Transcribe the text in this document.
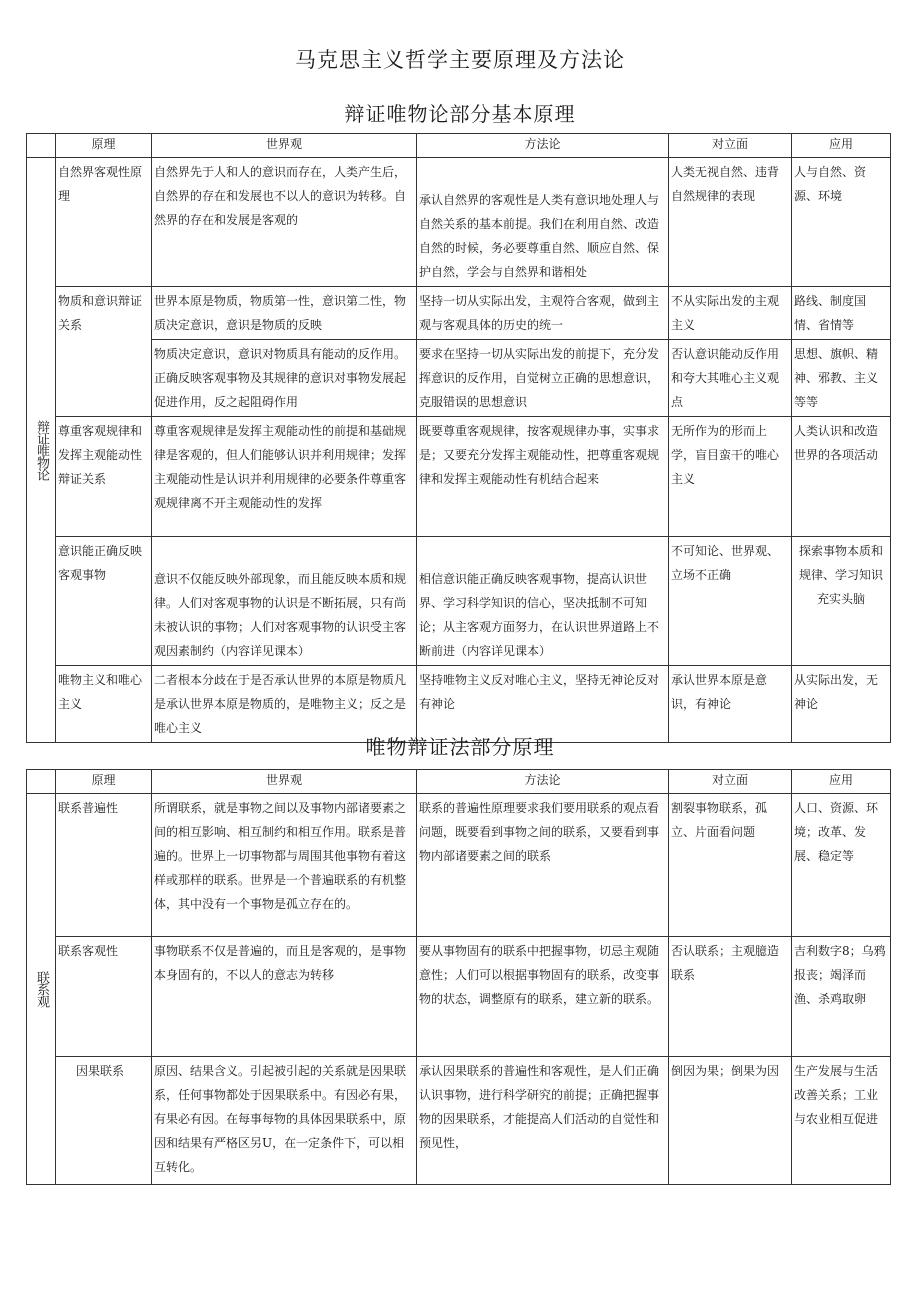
马克思主义哲学主要原理及方法论
辩证唯物论部分基本原理
	原理	世界观	方法论	对立面	应用

辩证唯物论	自然界客观性原理	自然界先于人和人的意识而存在，人类产生后，自然界的存在和发展也不以人的意识为转移。自然界的存在和发展是客观的	承认自然界的客观性是人类有意识地处理人与自然关系的基本前提。我们在利用自然、改造自然的时候，务必要尊重自然、顺应自然、保护自然，学会与自然界和谐相处	人类无视自然、违背自然规律的表现	人与自然、资源、环境
	物质和意识辩证关系	世界本原是物质，物质第一性，意识第二性，物质决定意识，意识是物质的反映	坚持一切从实际出发，主观符合客观，做到主观与客观具体的历史的统一	不从实际出发的主观主义	路线、制度国情、省情等
		物质决定意识，意识对物质具有能动的反作用。正确反映客观事物及其规律的意识对事物发展起促进作用，反之起阻碍作用	要求在坚持一切从实际出发的前提下，充分发挥意识的反作用，自觉树立正确的思想意识，克服错误的思想意识	否认意识能动反作用和夸大其唯心主义观点	思想、旗帜、精神、邪教、主义等等
	尊重客观规律和发挥主观能动性辩证关系	尊重客观规律是发挥主观能动性的前提和基础规律是客观的，但人们能够认识并利用规律；发挥主观能动性是认识并利用规律的必要条件尊重客观规律离不开主观能动性的发挥	既要尊重客观规律，按客观规律办事，实事求是；又要充分发挥主观能动性，把尊重客观规律和发挥主观能动性有机结合起来	无所作为的形而上学，盲目蛮干的唯心主义	人类认识和改造世界的各项活动
	意识能正确反映客观事物	意识不仅能反映外部现象，而且能反映本质和规律。人们对客观事物的认识是不断拓展，只有尚未被认识的事物；人们对客观事物的认识受主客观因素制约（内容详见课本）	相信意识能正确反映客观事物，提高认识世界、学习科学知识的信心，坚决抵制不可知论；从主客观方面努力，在认识世界道路上不断前进（内容详见课本）	不可知论、世界观、立场不正确	探索事物本质和规律、学习知识充实头脑
	唯物主义和唯心主义	二者根本分歧在于是否承认世界的本原是物质凡是承认世界本原是物质的，是唯物主义；反之是唯心主义	坚持唯物主义反对唯心主义，坚持无神论反对有神论	承认世界本原是意识，有神论	从实际出发，无神论
唯物辩证法部分原理
	原理	世界观	方法论	对立面	应用

联系观	联系普遍性	所谓联系，就是事物之间以及事物内部诸要素之间的相互影响、相互制约和相互作用。联系是普遍的。世界上一切事物都与周围其他事物有着这样或那样的联系。世界是一个普遍联系的有机整体，其中没有一个事物是孤立存在的。	联系的普遍性原理要求我们要用联系的观点看问题，既要看到事物之间的联系，又要看到事物内部诸要素之间的联系	割裂事物联系，孤立、片面看问题	人口、资源、环境；改革、发展、稳定等
	联系客观性	事物联系不仅是普遍的，而且是客观的，是事物本身固有的，不以人的意志为转移	要从事物固有的联系中把握事物，切忌主观随意性；人们可以根据事物固有的联系，改变事物的状态，调整原有的联系，建立新的联系。	否认联系；主观臆造联系	吉利数字8；乌鸦报丧；竭泽而渔、杀鸡取卵
	因果联系	原因、结果含义。引起被引起的关系就是因果联系，任何事物都处于因果联系中。有因必有果，有果必有因。在每事每物的具体因果联系中，原因和结果有严格区另U，在一定条件下，可以相互转化。	承认因果联系的普遍性和客观性，是人们正确认识事物，进行科学研究的前提；正确把握事物的因果联系，才能提高人们活动的自觉性和预见性，	倒因为果；倒果为因	生产发展与生活改善关系；工业与农业相互促进
